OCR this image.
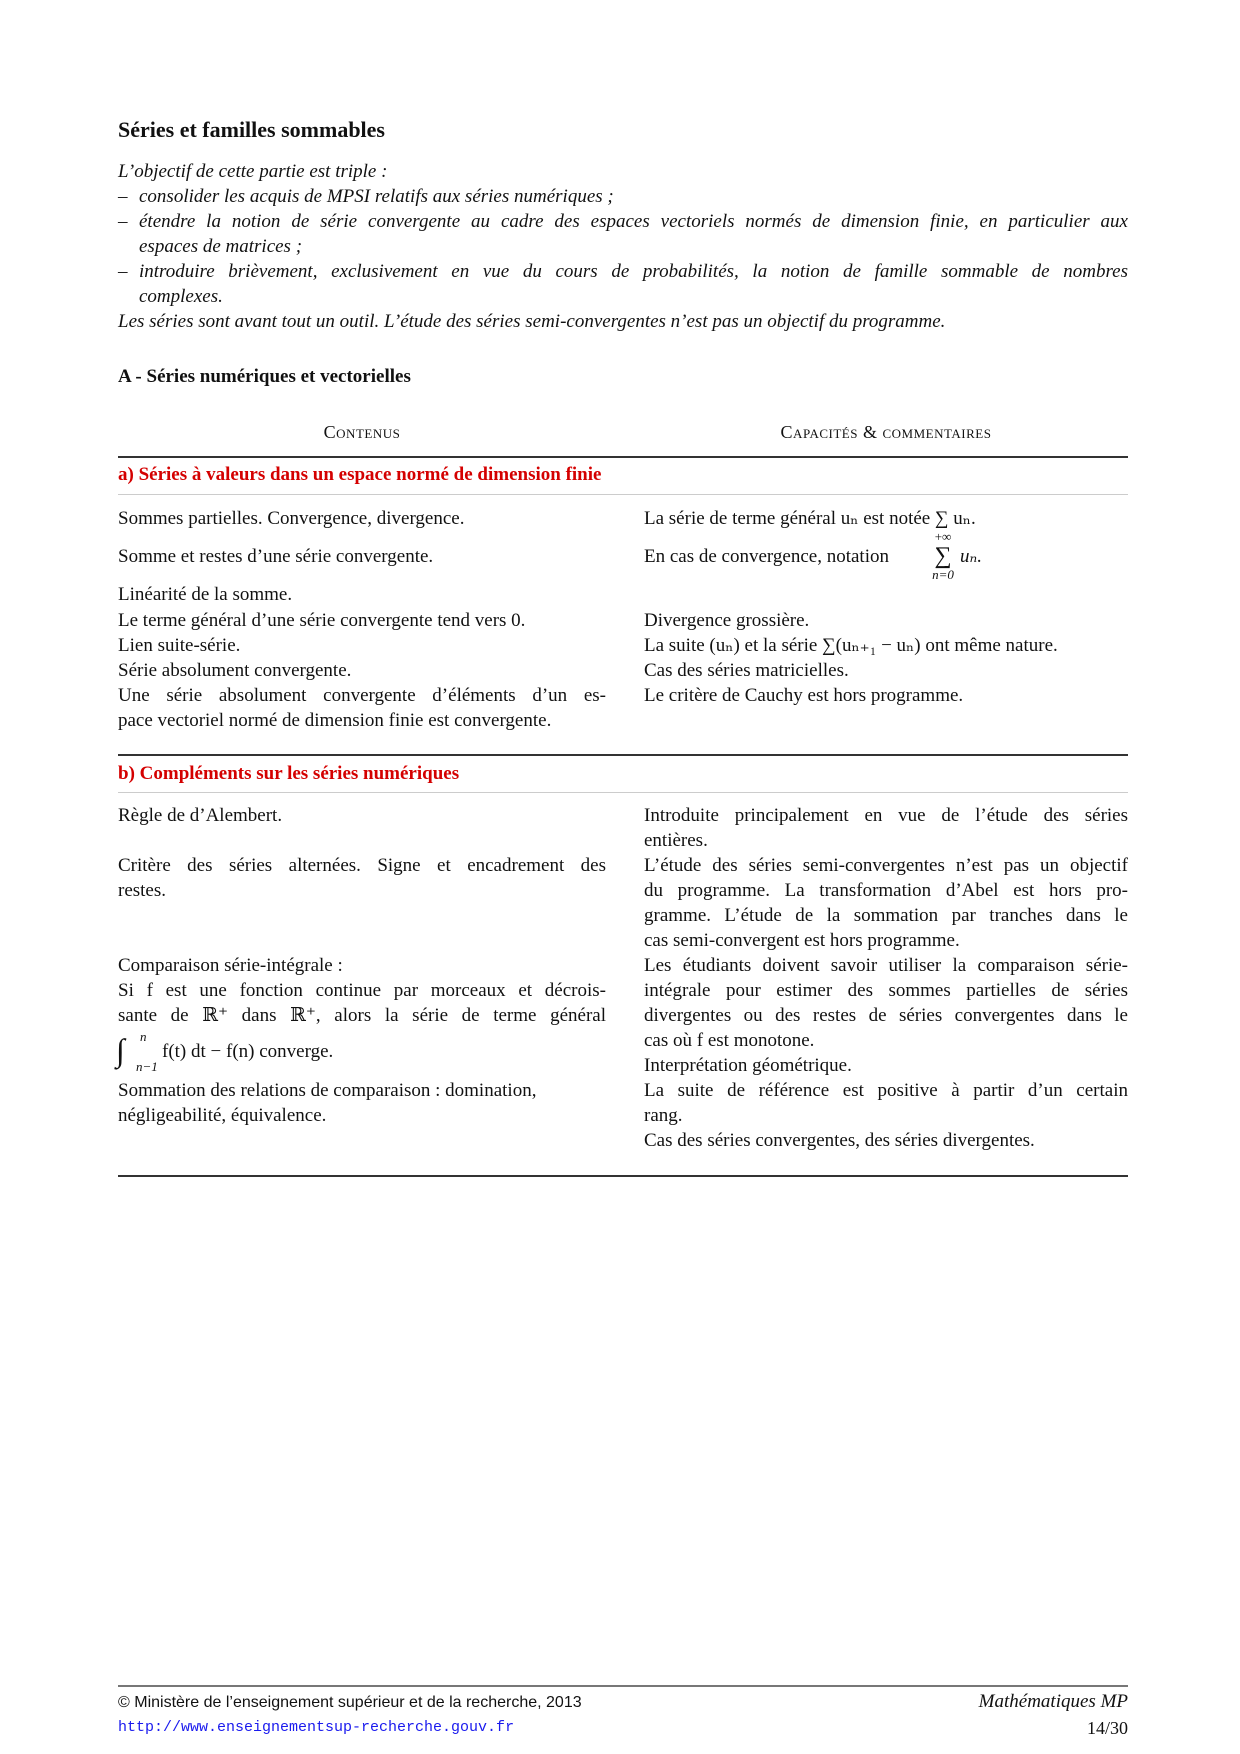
Séries et familles sommables
L’objectif de cette partie est triple :
– consolider les acquis de MPSI relatifs aux séries numériques ;
– étendre la notion de série convergente au cadre des espaces vectoriels normés de dimension finie, en particulier aux
espaces de matrices ;
– introduire brièvement, exclusivement en vue du cours de probabilités, la notion de famille sommable de nombres
complexes.
Les séries sont avant tout un outil. L’étude des séries semi-convergentes n’est pas un objectif du programme.
A - Séries numériques et vectorielles
Contenus	Capacités & commentaires
a) Séries à valeurs dans un espace normé de dimension finie
Sommes partielles. Convergence, divergence.
Somme et restes d’une série convergente.
Linéarité de la somme.
Le terme général d’une série convergente tend vers 0.
Lien suite-série.
Série absolument convergente.
Une série absolument convergente d’éléments d’un es-
pace vectoriel normé de dimension finie est convergente.
La série de terme général uₙ est notée ∑ uₙ.
En cas de convergence, notation
+∞
∑
n=0
uₙ.
Divergence grossière.
La suite (uₙ) et la série ∑(uₙ₊₁ − uₙ) ont même nature.
Cas des séries matricielles.
Le critère de Cauchy est hors programme.
b) Compléments sur les séries numériques
Règle de d’Alembert.
Critère des séries alternées. Signe et encadrement des
restes.
Comparaison série-intégrale :
Si f est une fonction continue par morceaux et décrois-
sante de ℝ⁺ dans ℝ⁺, alors la série de terme général
∫ n
n−1
f(t) dt − f(n) converge.
Sommation des relations de comparaison : domination,
négligeabilité, équivalence.
Introduite principalement en vue de l’étude des séries
entières.
L’étude des séries semi-convergentes n’est pas un objectif
du programme. La transformation d’Abel est hors pro-
gramme. L’étude de la sommation par tranches dans le
cas semi-convergent est hors programme.
Les étudiants doivent savoir utiliser la comparaison série-
intégrale pour estimer des sommes partielles de séries
divergentes ou des restes de séries convergentes dans le
cas où f est monotone.
Interprétation géométrique.
La suite de référence est positive à partir d’un certain
rang.
Cas des séries convergentes, des séries divergentes.
© Ministère de l’enseignement supérieur et de la recherche, 2013
http://www.enseignementsup-recherche.gouv.fr
Mathématiques MP
14/30
